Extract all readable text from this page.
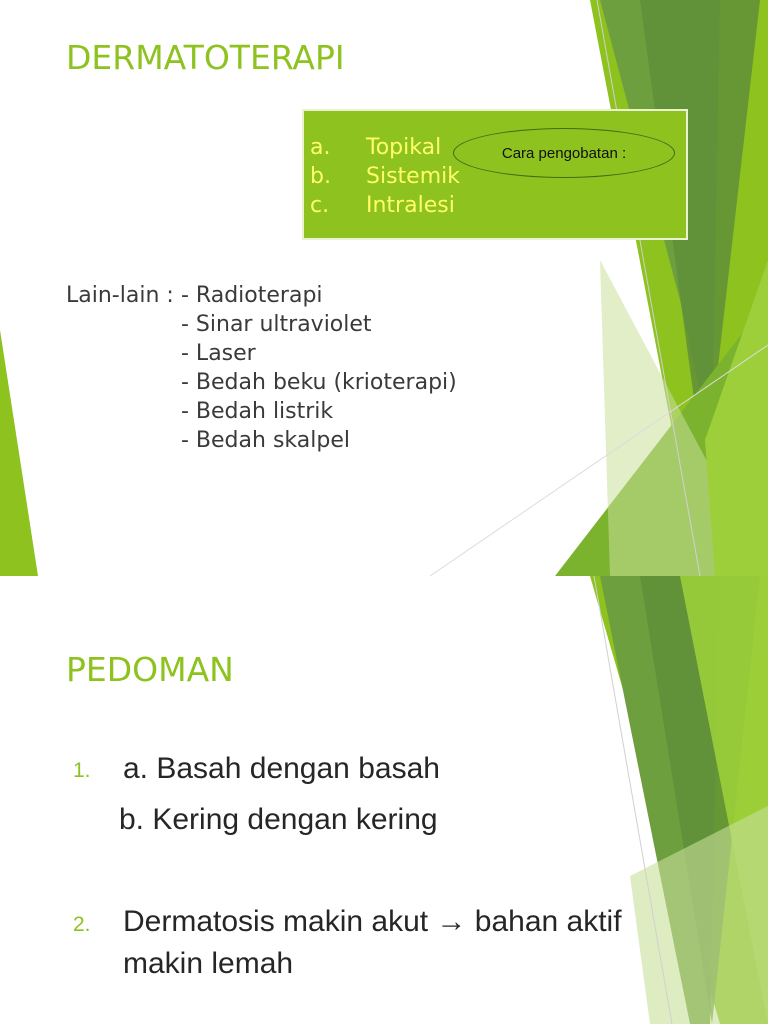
DERMATOTERAPI
a. Topikal
b. Sistemik
c. Intralesi
Cara pengobatan :
Lain-lain : - Radioterapi
- Sinar ultraviolet
- Laser
- Bedah beku (krioterapi)
- Bedah listrik
- Bedah skalpel
PEDOMAN
1. a. Basah dengan basah
b. Kering dengan kering
2. Dermatosis makin akut → bahan aktif
makin lemah
